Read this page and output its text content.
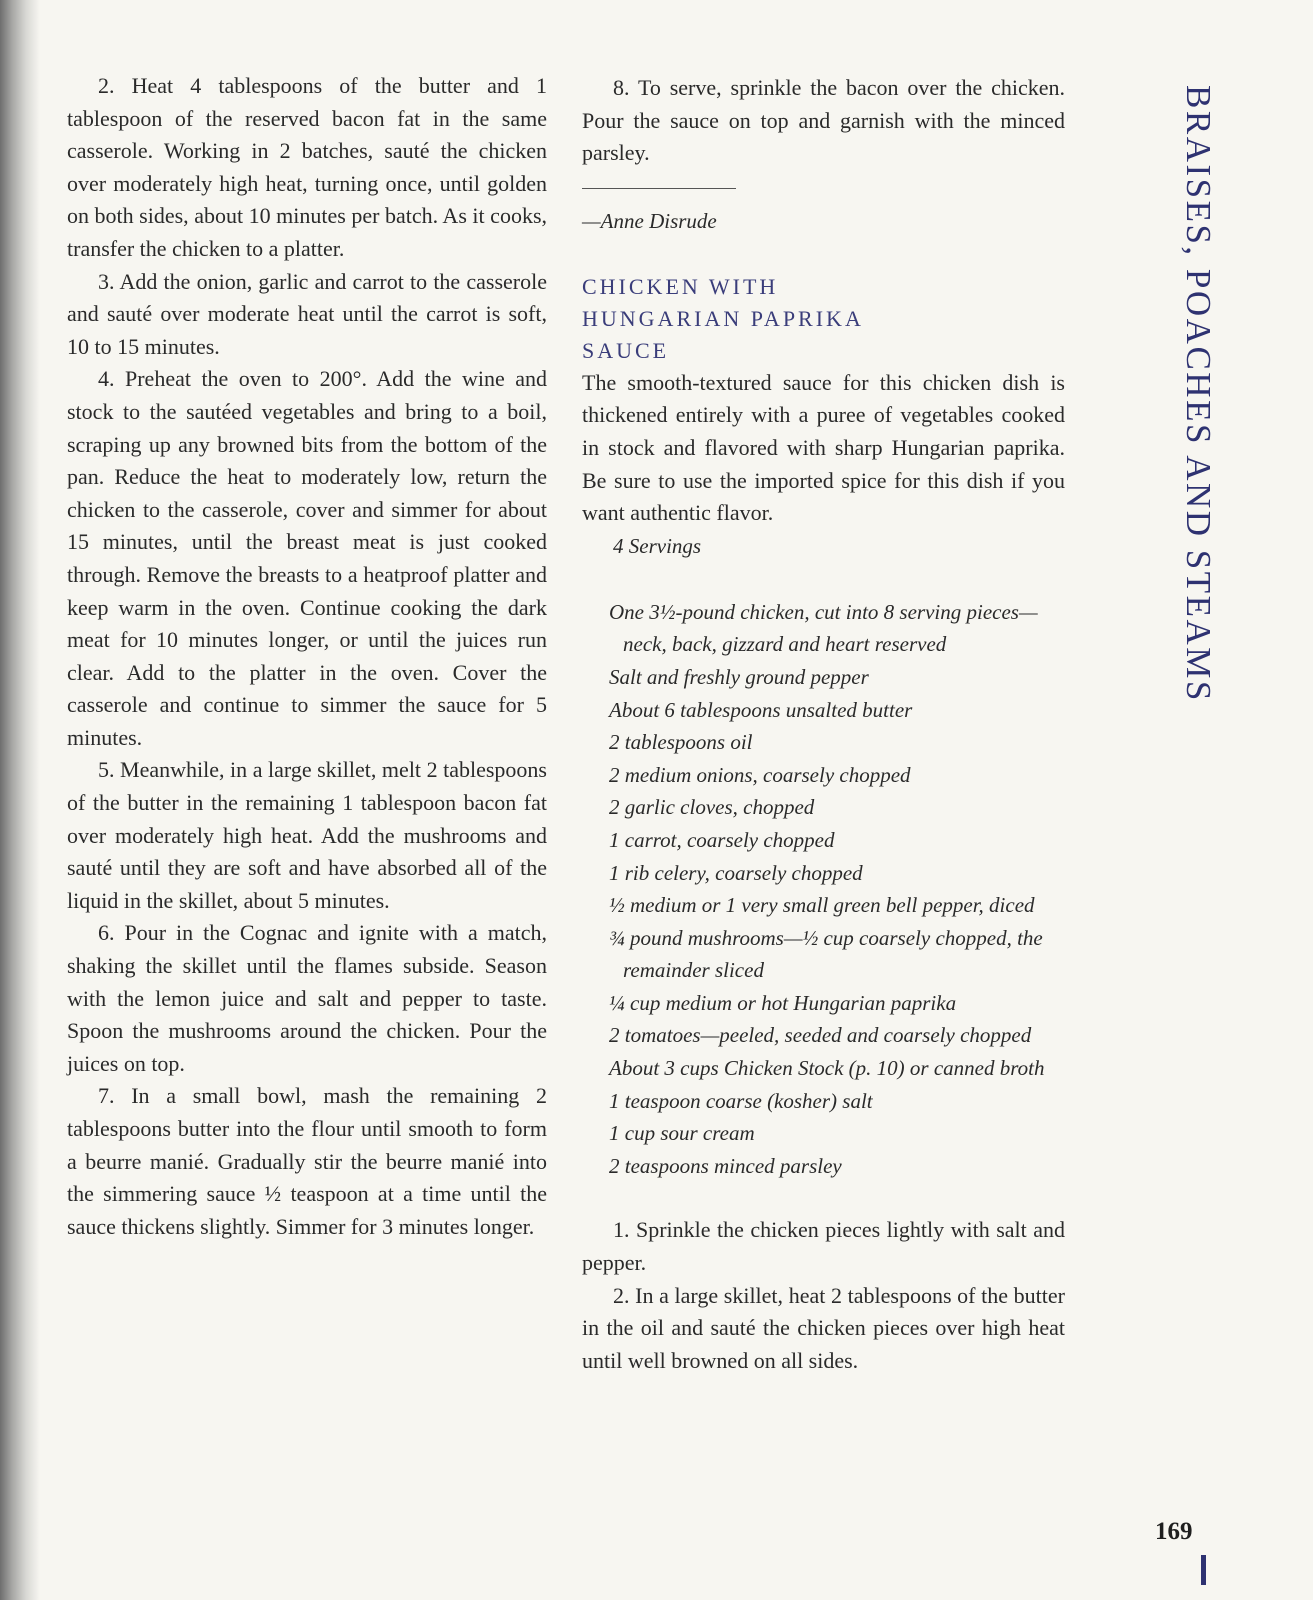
2. Heat 4 tablespoons of the butter and 1 tablespoon of the reserved bacon fat in the same casserole. Working in 2 batches, sauté the chicken over moderately high heat, turning once, until golden on both sides, about 10 minutes per batch. As it cooks, transfer the chicken to a platter.

3. Add the onion, garlic and carrot to the casserole and sauté over moderate heat until the carrot is soft, 10 to 15 minutes.

4. Preheat the oven to 200°. Add the wine and stock to the sautéed vegetables and bring to a boil, scraping up any browned bits from the bottom of the pan. Reduce the heat to moderately low, return the chicken to the casserole, cover and simmer for about 15 minutes, until the breast meat is just cooked through. Remove the breasts to a heatproof platter and keep warm in the oven. Continue cooking the dark meat for 10 minutes longer, or until the juices run clear. Add to the platter in the oven. Cover the casserole and continue to simmer the sauce for 5 minutes.

5. Meanwhile, in a large skillet, melt 2 tablespoons of the butter in the remaining 1 tablespoon bacon fat over moderately high heat. Add the mushrooms and sauté until they are soft and have absorbed all of the liquid in the skillet, about 5 minutes.

6. Pour in the Cognac and ignite with a match, shaking the skillet until the flames subside. Season with the lemon juice and salt and pepper to taste. Spoon the mushrooms around the chicken. Pour the juices on top.

7. In a small bowl, mash the remaining 2 tablespoons butter into the flour until smooth to form a beurre manié. Gradually stir the beurre manié into the simmering sauce ½ teaspoon at a time until the sauce thickens slightly. Simmer for 3 minutes longer.

8. To serve, sprinkle the bacon over the chicken. Pour the sauce on top and garnish with the minced parsley.

—Anne Disrude

CHICKEN WITH
HUNGARIAN PAPRIKA
SAUCE

The smooth-textured sauce for this chicken dish is thickened entirely with a puree of vegetables cooked in stock and flavored with sharp Hungarian paprika. Be sure to use the imported spice for this dish if you want authentic flavor.

4 Servings

One 3½-pound chicken, cut into 8 serving pieces—neck, back, gizzard and heart reserved
Salt and freshly ground pepper
About 6 tablespoons unsalted butter
2 tablespoons oil
2 medium onions, coarsely chopped
2 garlic cloves, chopped
1 carrot, coarsely chopped
1 rib celery, coarsely chopped
½ medium or 1 very small green bell pepper, diced
¾ pound mushrooms—½ cup coarsely chopped, the remainder sliced
¼ cup medium or hot Hungarian paprika
2 tomatoes—peeled, seeded and coarsely chopped
About 3 cups Chicken Stock (p. 10) or canned broth
1 teaspoon coarse (kosher) salt
1 cup sour cream
2 teaspoons minced parsley

1. Sprinkle the chicken pieces lightly with salt and pepper.

2. In a large skillet, heat 2 tablespoons of the butter in the oil and sauté the chicken pieces over high heat until well browned on all sides.

BRAISES, POACHES AND STEAMS
169
